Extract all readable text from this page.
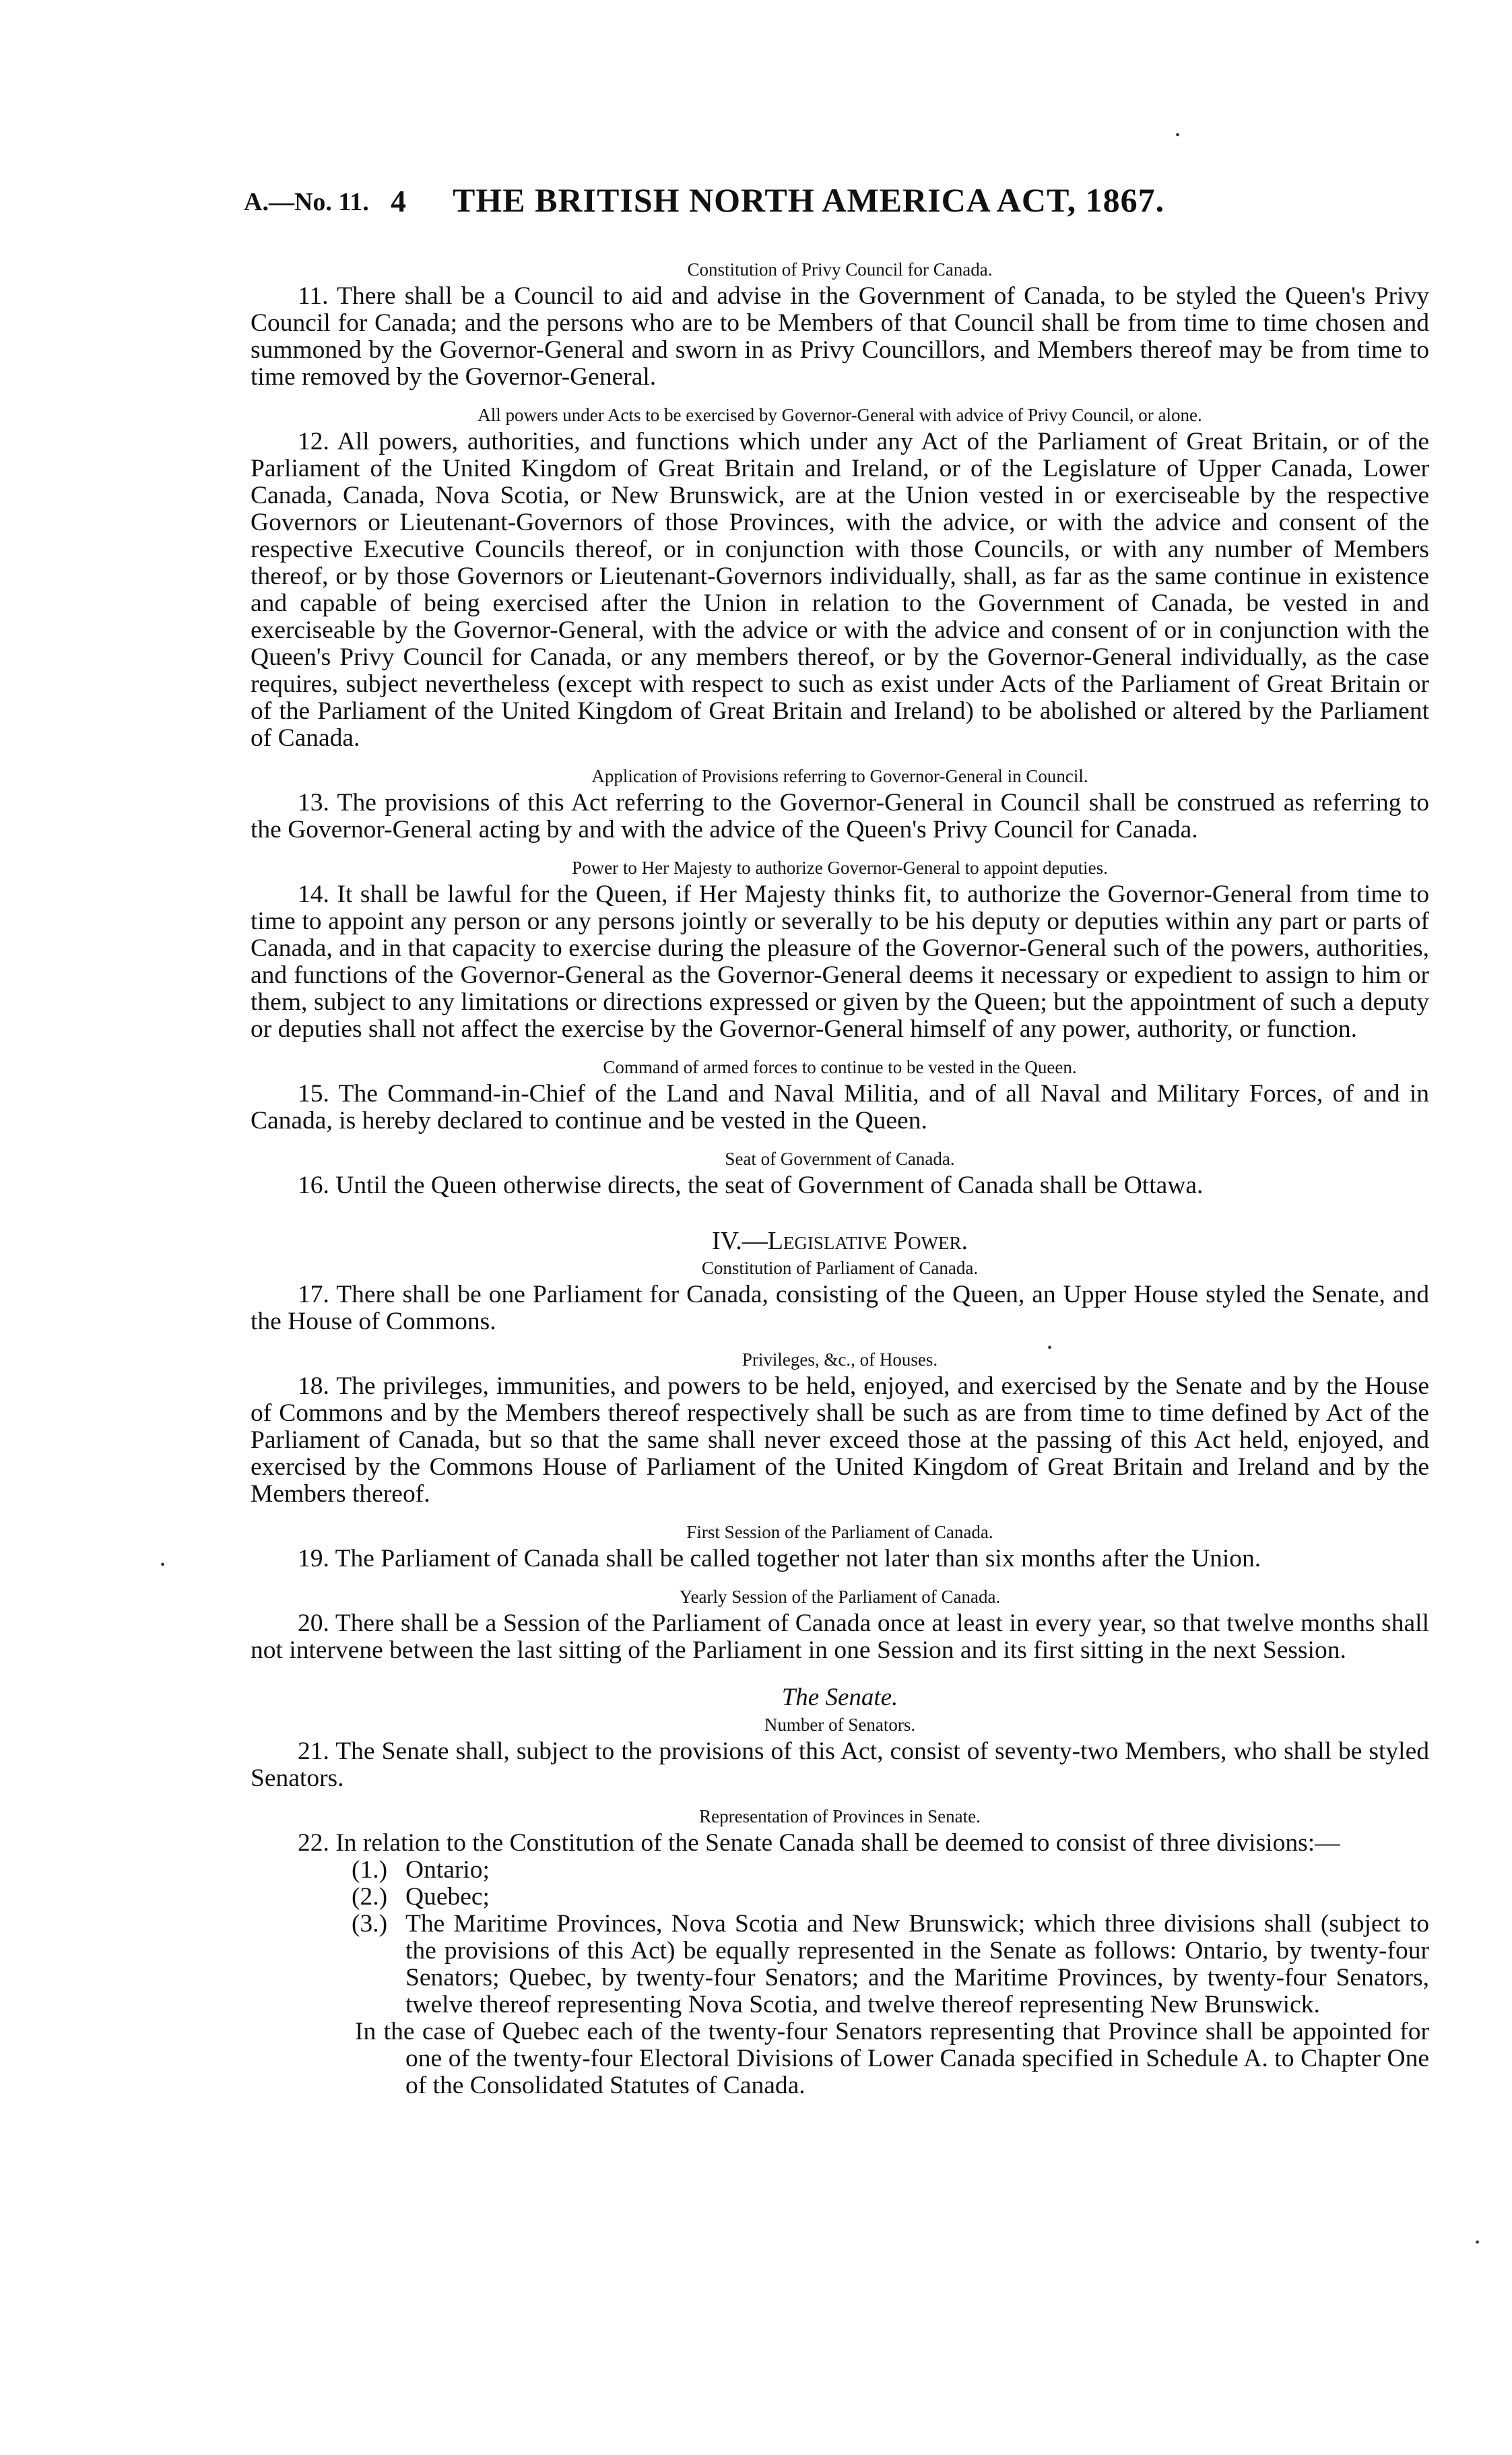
A.—No. 11. 4 THE BRITISH NORTH AMERICA ACT, 1867.
Constitution of Privy Council for Canada.

11. There shall be a Council to aid and advise in the Government of Canada, to be styled the Queen's Privy Council for Canada; and the persons who are to be Members of that Council shall be from time to time chosen and summoned by the Governor-General and sworn in as Privy Councillors, and Members thereof may be from time to time removed by the Governor-General.

All powers under Acts to be exercised by Governor-General with advice of Privy Council, or alone.

12. All powers, authorities, and functions which under any Act of the Parliament of Great Britain, or of the Parliament of the United Kingdom of Great Britain and Ireland, or of the Legislature of Upper Canada, Lower Canada, Canada, Nova Scotia, or New Brunswick, are at the Union vested in or exerciseable by the respective Governors or Lieutenant-Governors of those Provinces, with the advice, or with the advice and consent of the respective Executive Councils thereof, or in conjunction with those Councils, or with any number of Members thereof, or by those Governors or Lieutenant-Governors individually, shall, as far as the same continue in existence and capable of being exercised after the Union in relation to the Government of Canada, be vested in and exerciseable by the Governor-General, with the advice or with the advice and consent of or in conjunction with the Queen's Privy Council for Canada, or any members thereof, or by the Governor-General individually, as the case requires, subject nevertheless (except with respect to such as exist under Acts of the Parliament of Great Britain or of the Parliament of the United Kingdom of Great Britain and Ireland) to be abolished or altered by the Parliament of Canada.

Application of Provisions referring to Governor-General in Council.

13. The provisions of this Act referring to the Governor-General in Council shall be construed as referring to the Governor-General acting by and with the advice of the Queen's Privy Council for Canada.

Power to Her Majesty to authorize Governor-General to appoint deputies.

14. It shall be lawful for the Queen, if Her Majesty thinks fit, to authorize the Governor-General from time to time to appoint any person or any persons jointly or severally to be his deputy or deputies within any part or parts of Canada, and in that capacity to exercise during the pleasure of the Governor-General such of the powers, authorities, and functions of the Governor-General as the Governor-General deems it necessary or expedient to assign to him or them, subject to any limitations or directions expressed or given by the Queen; but the appointment of such a deputy or deputies shall not affect the exercise by the Governor-General himself of any power, authority, or function.

Command of armed forces to continue to be vested in the Queen.

15. The Command-in-Chief of the Land and Naval Militia, and of all Naval and Military Forces, of and in Canada, is hereby declared to continue and be vested in the Queen.

Seat of Government of Canada.

16. Until the Queen otherwise directs, the seat of Government of Canada shall be Ottawa.

IV.—Legislative Power.
Constitution of Parliament of Canada.

17. There shall be one Parliament for Canada, consisting of the Queen, an Upper House styled the Senate, and the House of Commons.

Privileges, &c., of Houses.

18. The privileges, immunities, and powers to be held, enjoyed, and exercised by the Senate and by the House of Commons and by the Members thereof respectively shall be such as are from time to time defined by Act of the Parliament of Canada, but so that the same shall never exceed those at the passing of this Act held, enjoyed, and exercised by the Commons House of Parliament of the United Kingdom of Great Britain and Ireland and by the Members thereof.

First Session of the Parliament of Canada.

19. The Parliament of Canada shall be called together not later than six months after the Union.

Yearly Session of the Parliament of Canada.

20. There shall be a Session of the Parliament of Canada once at least in every year, so that twelve months shall not intervene between the last sitting of the Parliament in one Session and its first sitting in the next Session.

The Senate.
Number of Senators.

21. The Senate shall, subject to the provisions of this Act, consist of seventy-two Members, who shall be styled Senators.

Representation of Provinces in Senate.

22. In relation to the Constitution of the Senate Canada shall be deemed to consist of three divisions:—

(1.) Ontario;
(2.) Quebec;
(3.) The Maritime Provinces, Nova Scotia and New Brunswick; which three divisions shall (subject to the provisions of this Act) be equally represented in the Senate as follows: Ontario, by twenty-four Senators; Quebec, by twenty-four Senators; and the Maritime Provinces, by twenty-four Senators, twelve thereof representing Nova Scotia, and twelve thereof representing New Brunswick.

In the case of Quebec each of the twenty-four Senators representing that Province shall be appointed for one of the twenty-four Electoral Divisions of Lower Canada specified in Schedule A. to Chapter One of the Consolidated Statutes of Canada.

•
•
•
•
